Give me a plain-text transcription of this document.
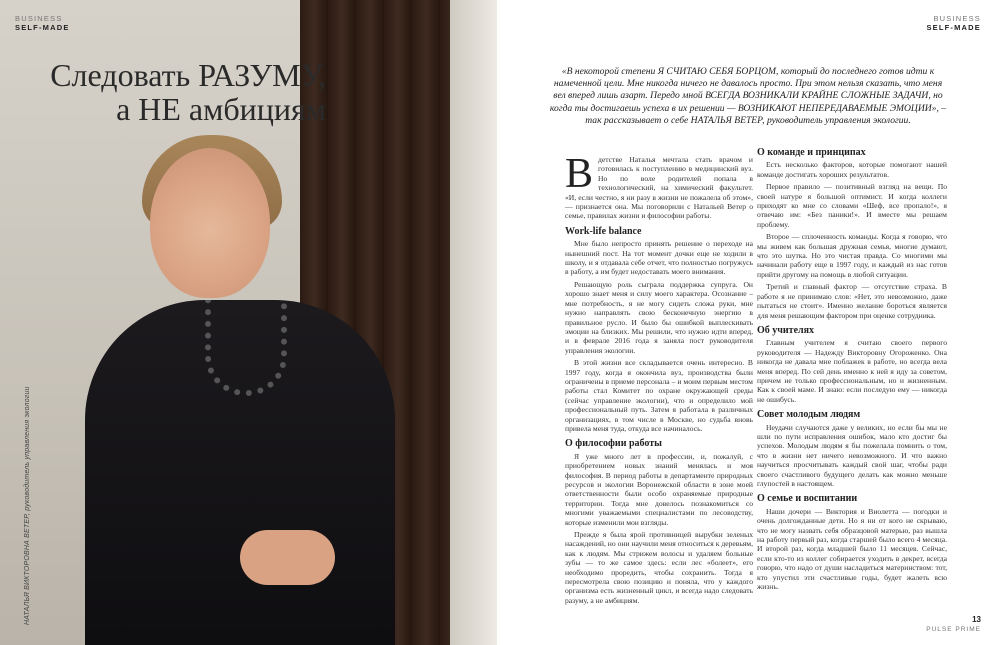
НАТАЛЬЯ ВИКТОРОВНА ВЕТЕР, руководитель управления экологии
BUSINESS
SELF-MADE
BUSINESS
SELF-MADE
Следовать РАЗУМУ,
а НЕ амбициям

«В некоторой степени Я СЧИТАЮ СЕБЯ БОРЦОМ, который до последнего готов идти к намеченной цели. Мне никогда ничего не давалось просто. При этом нельзя сказать, что меня вел вперед лишь азарт. Передо мной ВСЕГДА ВОЗНИКАЛИ КРАЙНЕ СЛОЖНЫЕ ЗАДАЧИ, но когда ты достигаешь успеха в их решении — ВОЗНИКАЮТ НЕПЕРЕДАВАЕМЫЕ ЭМОЦИИ», – так рассказывает о себе НАТАЛЬЯ ВЕТЕР, руководитель управления экологии.

Вдетстве Наталья мечтала стать врачом и готовилась к поступлению в медицинский вуз. Но по воле родителей попала в технологический, на химический факультет. «И, если честно, я ни разу в жизни не пожалела об этом», — признается она. Мы поговорили с Натальей Ветер о семье, правилах жизни и философии работы.

Work-life balance

Мне было непросто принять решение о переходе на нынешний пост. На тот момент дочки еще не ходили в школу, и я отдавала себе отчет, что полностью погружусь в работу, а им будет недоставать моего внимания.

Решающую роль сыграла поддержка супруга. Он хорошо знает меня и силу моего характера. Осознание – мне потребность, я не могу сидеть сложа руки, мне нужно направлять свою бесконечную энергию в правильное русло. И было бы ошибкой выплескивать эмоции на близких. Мы решили, что нужно идти вперед, и в феврале 2016 года я заняла пост руководителя управления экологии.

В этой жизни все складывается очень интересно. В 1997 году, когда я окончила вуз, производства были ограничены в приеме персонала – и моим первым местом работы стал Комитет по охране окружающей среды (сейчас управление экологии), что и определило мой профессиональный путь. Затем я работала в различных организациях, в том числе в Москве, но судьба вновь привела меня туда, откуда все начиналось.

О философии работы

Я уже много лет в профессии, и, пожалуй, с приобретением новых знаний менялась и моя философия. В период работы в департаменте природных ресурсов и экологии Воронежской области в зоне моей ответственности были особо охраняемые природные территории. Тогда мне довелось познакомиться со многими уважаемыми специалистами по лесоводству, которые изменили мои взгляды.

Прежде я была ярой противницей вырубки зеленых насаждений, но они научили меня относиться к деревьям, как к людям. Мы стрижем волосы и удаляем больные зубы — то же самое здесь: если лес «болеет», его необходимо проредить, чтобы сохранить. Тогда я пересмотрела свою позицию и поняла, что у каждого организма есть жизненный цикл, и всегда надо следовать разуму, а не амбициям.

О команде и принципах

Есть несколько факторов, которые помогают нашей команде достигать хороших результатов.

Первое правило — позитивный взгляд на вещи. По своей натуре я большой оптимист. И когда коллеги приходят ко мне со словами «Шеф, все пропало!», я отвечаю им: «Без паники!». И вместе мы решаем проблему.

Второе — сплоченность команды. Когда я говорю, что мы живем как большая дружная семья, многие думают, что это шутка. Но это чистая правда. Со многими мы начинали работу еще в 1997 году, и каждый из нас готов прийти другому на помощь в любой ситуации.

Третий и главный фактор — отсутствие страха. В работе я не принимаю слов: «Нет, это невозможно, даже пытаться не стоит». Именно желание бороться является для меня решающим фактором при оценке сотрудника.

Об учителях

Главным учителем я считаю своего первого руководителя — Надежду Викторовну Огороженко. Она никогда не давала мне поблажек в работе, но всегда вела меня вперед. По сей день именно к ней я иду за советом, причем не только профессиональным, но и жизненным. Как к своей маме. И знаю: если последую ему — никогда не ошибусь.

Совет молодым людям

Неудачи случаются даже у великих, но если бы мы не шли по пути исправления ошибок, мало кто достиг бы успехов. Молодым людям я бы пожелала помнить о том, что в жизни нет ничего невозможного. И что важно научиться просчитывать каждый свой шаг, чтобы ради своего счастливого будущего делать как можно меньше глупостей в настоящем.

О семье и воспитании

Наши дочери — Виктория и Виолетта — погодки и очень долгожданные дети. Но я ни от кого не скрываю, что не могу назвать себя образцовой матерью, раз вышла на работу первый раз, когда старшей было всего 4 месяца. И второй раз, когда младшей было 11 месяцев. Сейчас, если кто-то из коллег собирается уходить в декрет, всегда говорю, что надо от души насладиться материнством: тот, кто упустил эти счастливые годы, будет жалеть всю жизнь.

13
PULSE PRIME
